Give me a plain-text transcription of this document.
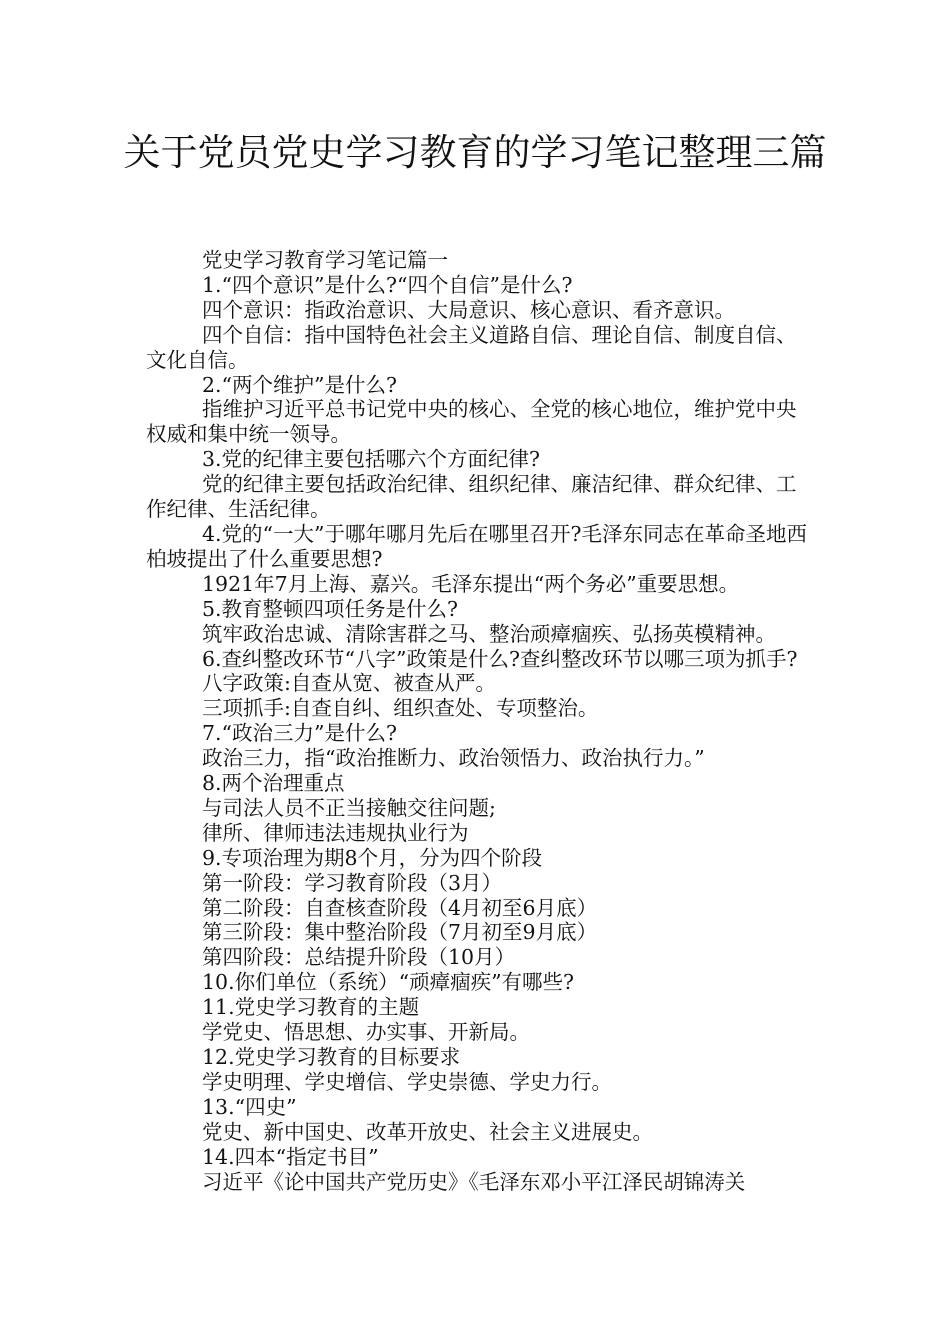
关于党员党史学习教育的学习笔记整理三篇

党史学习教育学习笔记篇一

1.“四个意识”是什么?“四个自信”是什么?

四个意识：指政治意识、大局意识、核心意识、看齐意识。

四个自信：指中国特色社会主义道路自信、理论自信、制度自信、文化自信。

2.“两个维护”是什么?

指维护习近平总书记党中央的核心、全党的核心地位，维护党中央权威和集中统一领导。

3.党的纪律主要包括哪六个方面纪律?

党的纪律主要包括政治纪律、组织纪律、廉洁纪律、群众纪律、工作纪律、生活纪律。

4.党的“一大”于哪年哪月先后在哪里召开?毛泽东同志在革命圣地西柏坡提出了什么重要思想?

1921年7月上海、嘉兴。毛泽东提出“两个务必”重要思想。

5.教育整顿四项任务是什么?

筑牢政治忠诚、清除害群之马、整治顽瘴痼疾、弘扬英模精神。

6.查纠整改环节“八字”政策是什么?查纠整改环节以哪三项为抓手?

八字政策:自查从宽、被查从严。

三项抓手:自查自纠、组织查处、专项整治。

7.“政治三力”是什么?

政治三力，指“政治推断力、政治领悟力、政治执行力。”

8.两个治理重点

与司法人员不正当接触交往问题;

律所、律师违法违规执业行为

9.专项治理为期8个月，分为四个阶段

第一阶段：学习教育阶段（3月）

第二阶段：自查核查阶段（4月初至6月底）

第三阶段：集中整治阶段（7月初至9月底）

第四阶段：总结提升阶段（10月）

10.你们单位（系统）“顽瘴痼疾”有哪些?

11.党史学习教育的主题

学党史、悟思想、办实事、开新局。

12.党史学习教育的目标要求

学史明理、学史增信、学史崇德、学史力行。

13.“四史”

党史、新中国史、改革开放史、社会主义进展史。

14.四本“指定书目”

习近平《论中国共产党历史》《毛泽东邓小平江泽民胡锦涛关
